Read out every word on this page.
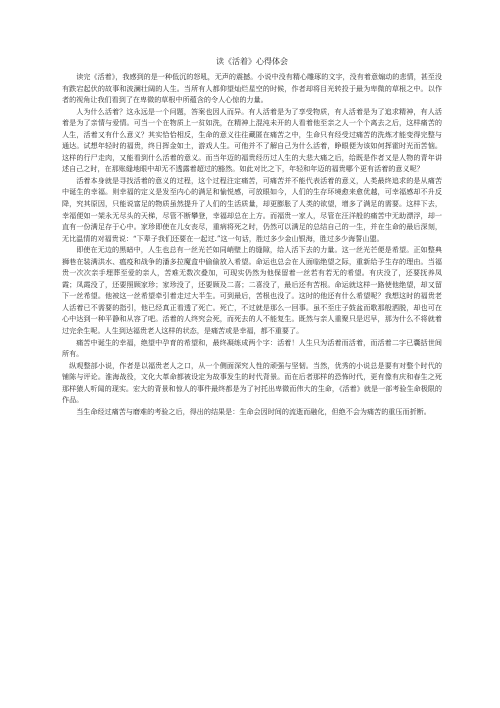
读《活着》心得体会

读完《活着》，我感到的是一种低沉的怒吼，无声的震撼。小说中没有精心雕琢的文字，没有着意煽动的悲情，甚至没有跌宕起伏的故事和波澜壮阔的人生。当所有人都仰望灿烂星空的时候，作者却将目光转投于最为卑微的草根之中。以作者的视角让我们看到了在卑微的草根中所蕴含的令人心惊的力量。

人为什么活着？这永远是一个问题，答案也因人而异。有人活着是为了享受物质，有人活着是为了追求精神，有人活着是为了亲情与爱情。可当一个在物质上一贫如洗，在精神上混沌未开的人看着他至亲之人一个个离去之后，这样痛苦的人生，活着又有什么意义？其实恰恰相反，生命的意义往往藏匿在痛苦之中，生命只有经受过痛苦的洗炼才能变得完整与通达。试想年轻时的福贵，终日挥金如土，游戏人生。可他并不了解自己为什么活着，睁眼便为该如何挥霍时光而苦恼。这样的行尸走肉，又能看到什么活着的意义。而当年迈的福贵经历过人生的大悲大痛之后，给既是作者又是人物的青年讲述自己之时，在那账缝地眼中却无不透露着超过的豁然。如此对比之下，年轻和年迈的福贵哪个更有活着的意义呢？

活着本身就是寻找活着的意义的过程，这个过程注定痛苦，可痛苦并不能代表活着的意义，人类最终追求的是从痛苦中诞生的幸福。则幸福的定义是发至内心的满足和愉悦感，可放眼如今，人们的生存环境愈来愈优越，可幸福感却不升反降，究其原因，只能说富足的物质虽然提升了人们的生活质量，却更膨胀了人类的欲望，增多了满足的需要。这样下去，幸福便如一架永无尽头的天梯，尽管不断攀登，幸福却总在上方。而福贵一家人，尽管在汪洋般的痛苦中无助漂浮，却一直有一份满足存于心中。家珍即使在儿女丧尽，重病将死之时，仍然可以满足的总结自己的一生，并在生命的最后深刻，无比温情的对福贵说：“下辈子我们还要在一起过.”这一句话，胜过多少金山银海，胜过多少海誓山盟。

即使在无边的黑暗中，人生也总有一丝光芒如同峭壁上的缝隙，给人活下去的力量。这一丝光芒便是希望。正如整典狮巷在装满洪水、瘟疫和战争的潘多拉魔盒中偷偷放入希望。命运也总会在人面临绝望之际，重新给予生存的理由。当福贵一次次亲手埋葬至爱的亲人，苦难无数次叠加，可现实仍然为他保留着一丝若有若无的希望。有庆没了，还要抚养凤霞；凤霞没了，还要照顾家珍；家珍没了，还要顾及二喜；二喜没了，最后还有苦根。命运就这样一路使他绝望，却又留下一丝希望。他被这一丝希望牵引着走过大半生。可到最后，苦根也没了。这时的他还有什么希望呢？我想这时的福贵老人活着已不需要的指引，他已经真正看透了死亡。死亡，不过就是那么一回事。虽不至庄子鼓盆而歌那般洒脱，却也可在心中达到一种平静和从容了吧。活着的人终究会死，而死去的人不能复生。既然与亲人重聚只是迟早，那为什么不将就着过完余生呢。人生到达福贵老人这样的状态，是痛苦或是幸福，都不重要了。

痛苦中诞生的幸福，绝望中孕育的希望和，最终凝练成两个字：活着！人生只为活着而活着，而活着二字已囊括世间所有。

纵观整部小说，作者是以福贵老人之口，从一个侧面深究人性的顽强与坚韧。当然，优秀的小说总是要有对整个时代的铺陈与评论。淮海战役，文化大革命都被设定为故事发生的时代背景。而在后者那样的恐怖时代，更有像有庆和春生之死那样猿人听闻的现实。宏大的背景和惊人的事件最终都是为了衬托出卑微而伟大的生命，《活着》就是一部考验生命极限的作品。

当生命经过痛苦与磨难的考验之后，得出的结果是：生命会因时间的流逝而融化，但绝不会为痛苦的重压而折断。
